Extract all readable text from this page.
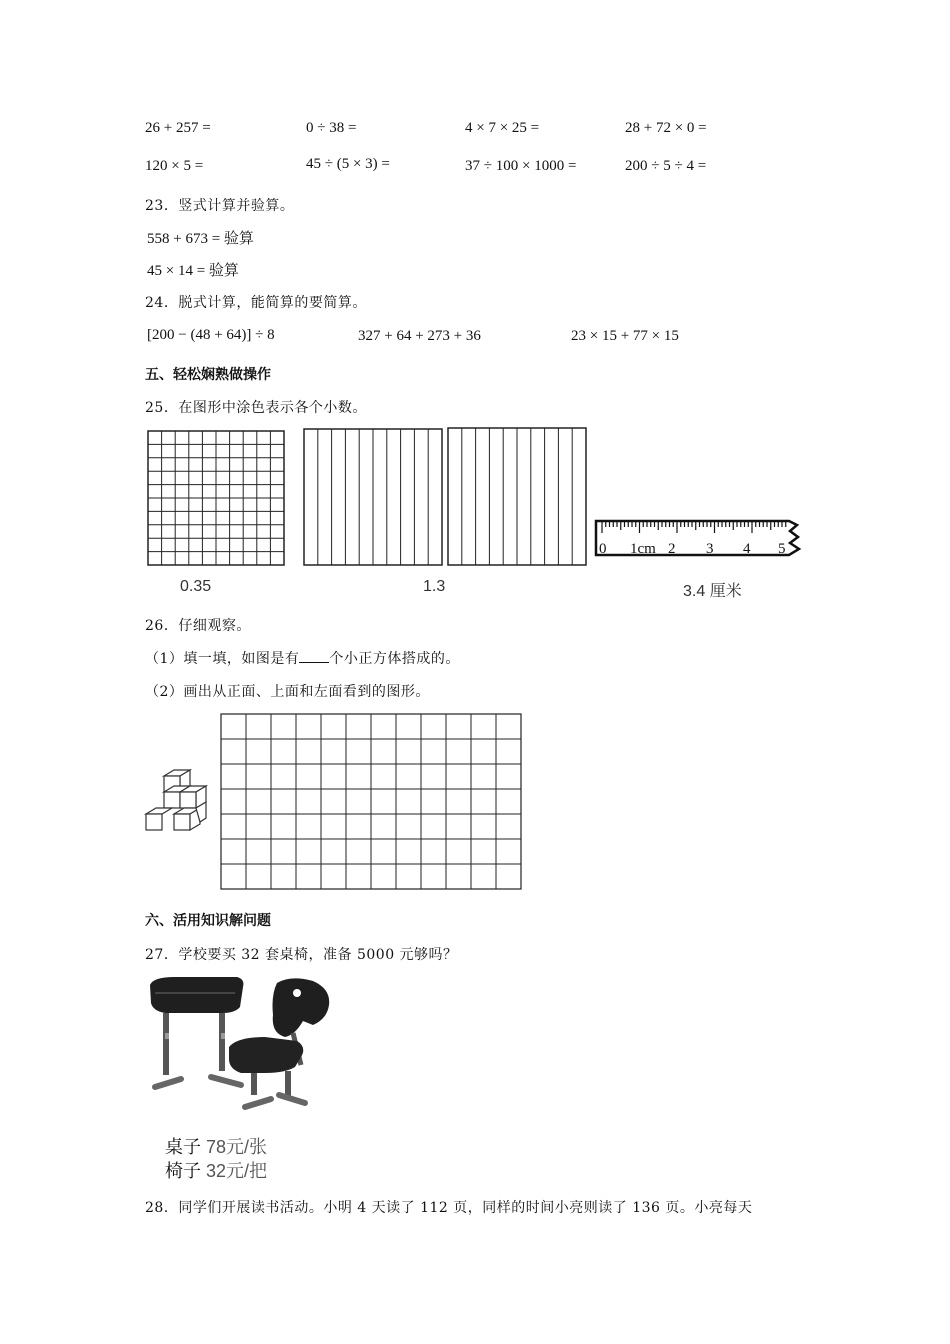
26 + 257 =	0 ÷ 38 =	4 × 7 × 25 =	28 + 72 × 0 =
120 × 5 =	45 ÷ (5 × 3) =	37 ÷ 100 × 1000 =	200 ÷ 5 ÷ 4 =
23．竖式计算并验算。
558 + 673 = 验算
45 × 14 = 验算
24．脱式计算，能简算的要简算。
[200 − (48 + 64)] ÷ 8	327 + 64 + 273 + 36	23 × 15 + 77 × 15
五、轻松娴熟做操作
25．在图形中涂色表示各个小数。
0 1cm 2 3 4 5
0.35	1.3	3.4 厘米
26．仔细观察。
（1）填一填，如图是有 个小正方体搭成的。
（2）画出从正面、上面和左面看到的图形。
六、活用知识解问题
27．学校要买 32 套桌椅，准备 5000 元够吗？
桌子 78元/张
椅子 32元/把
28．同学们开展读书活动。小明 4 天读了 112 页，同样的时间小亮则读了 136 页。小亮每天
